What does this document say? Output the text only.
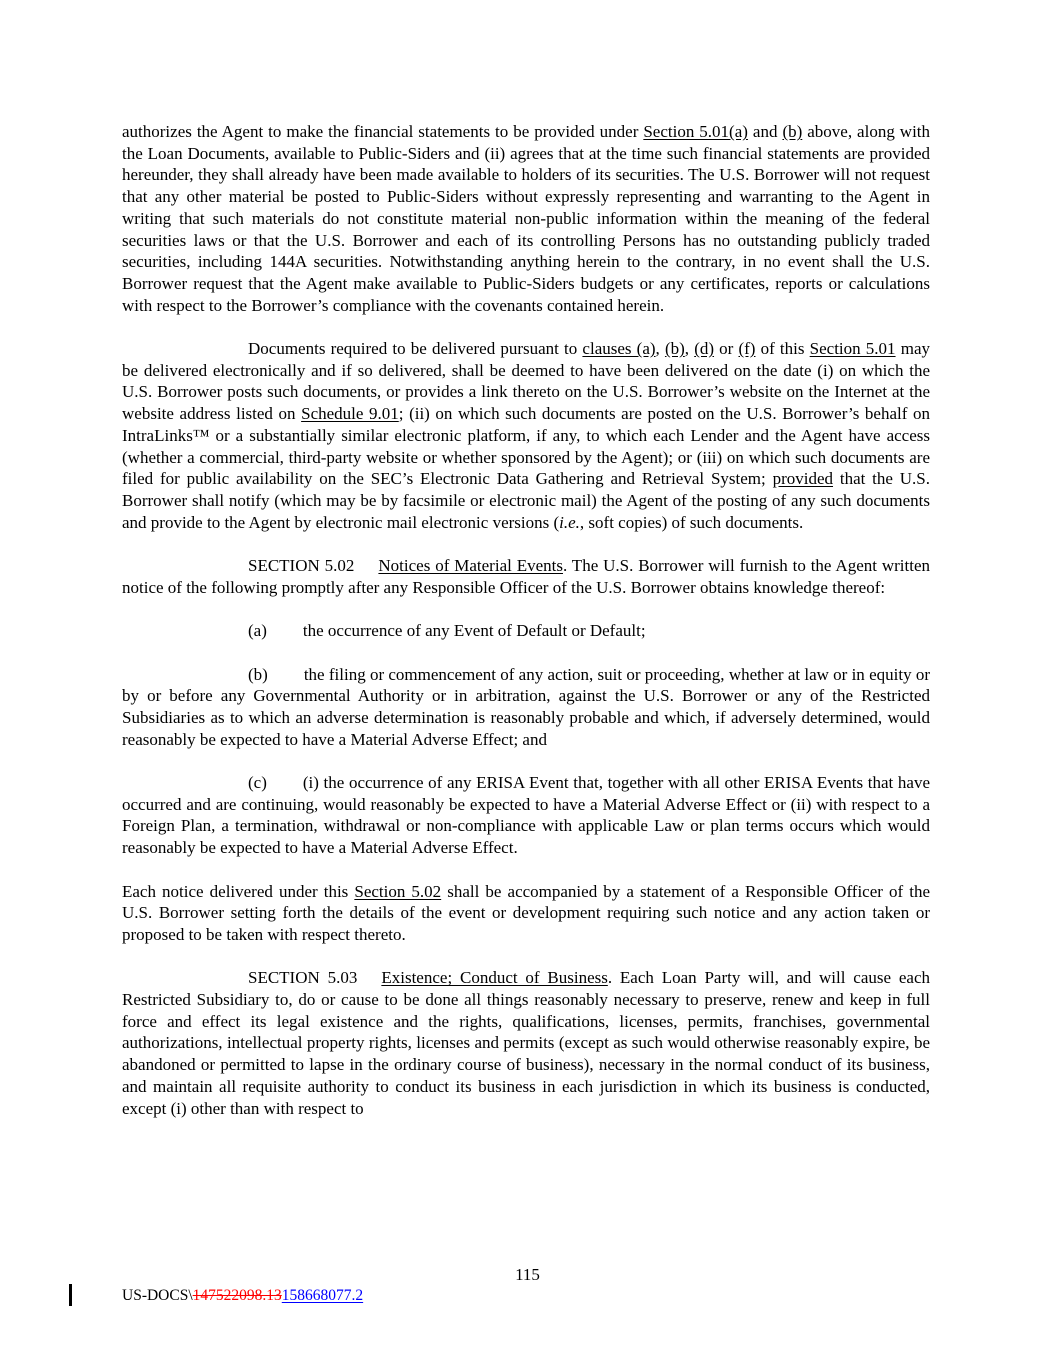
authorizes the Agent to make the financial statements to be provided under Section 5.01(a) and (b) above, along with the Loan Documents, available to Public-Siders and (ii) agrees that at the time such financial statements are provided hereunder, they shall already have been made available to holders of its securities. The U.S. Borrower will not request that any other material be posted to Public-Siders without expressly representing and warranting to the Agent in writing that such materials do not constitute material non-public information within the meaning of the federal securities laws or that the U.S. Borrower and each of its controlling Persons has no outstanding publicly traded securities, including 144A securities. Notwithstanding anything herein to the contrary, in no event shall the U.S. Borrower request that the Agent make available to Public-Siders budgets or any certificates, reports or calculations with respect to the Borrower’s compliance with the covenants contained herein.

Documents required to be delivered pursuant to clauses (a), (b), (d) or (f) of this Section 5.01 may be delivered electronically and if so delivered, shall be deemed to have been delivered on the date (i) on which the U.S. Borrower posts such documents, or provides a link thereto on the U.S. Borrower’s website on the Internet at the website address listed on Schedule 9.01; (ii) on which such documents are posted on the U.S. Borrower’s behalf on IntraLinks™ or a substantially similar electronic platform, if any, to which each Lender and the Agent have access (whether a commercial, third-party website or whether sponsored by the Agent); or (iii) on which such documents are filed for public availability on the SEC’s Electronic Data Gathering and Retrieval System; provided that the U.S. Borrower shall notify (which may be by facsimile or electronic mail) the Agent of the posting of any such documents and provide to the Agent by electronic mail electronic versions (i.e., soft copies) of such documents.

SECTION 5.02 Notices of Material Events. The U.S. Borrower will furnish to the Agent written notice of the following promptly after any Responsible Officer of the U.S. Borrower obtains knowledge thereof:

(a) the occurrence of any Event of Default or Default;

(b) the filing or commencement of any action, suit or proceeding, whether at law or in equity or by or before any Governmental Authority or in arbitration, against the U.S. Borrower or any of the Restricted Subsidiaries as to which an adverse determination is reasonably probable and which, if adversely determined, would reasonably be expected to have a Material Adverse Effect; and

(c) (i) the occurrence of any ERISA Event that, together with all other ERISA Events that have occurred and are continuing, would reasonably be expected to have a Material Adverse Effect or (ii) with respect to a Foreign Plan, a termination, withdrawal or non-compliance with applicable Law or plan terms occurs which would reasonably be expected to have a Material Adverse Effect.

Each notice delivered under this Section 5.02 shall be accompanied by a statement of a Responsible Officer of the U.S. Borrower setting forth the details of the event or development requiring such notice and any action taken or proposed to be taken with respect thereto.

SECTION 5.03 Existence; Conduct of Business. Each Loan Party will, and will cause each Restricted Subsidiary to, do or cause to be done all things reasonably necessary to preserve, renew and keep in full force and effect its legal existence and the rights, qualifications, licenses, permits, franchises, governmental authorizations, intellectual property rights, licenses and permits (except as such would otherwise reasonably expire, be abandoned or permitted to lapse in the ordinary course of business), necessary in the normal conduct of its business, and maintain all requisite authority to conduct its business in each jurisdiction in which its business is conducted, except (i) other than with respect to

115
US-DOCS\147522098.13158668077.2
